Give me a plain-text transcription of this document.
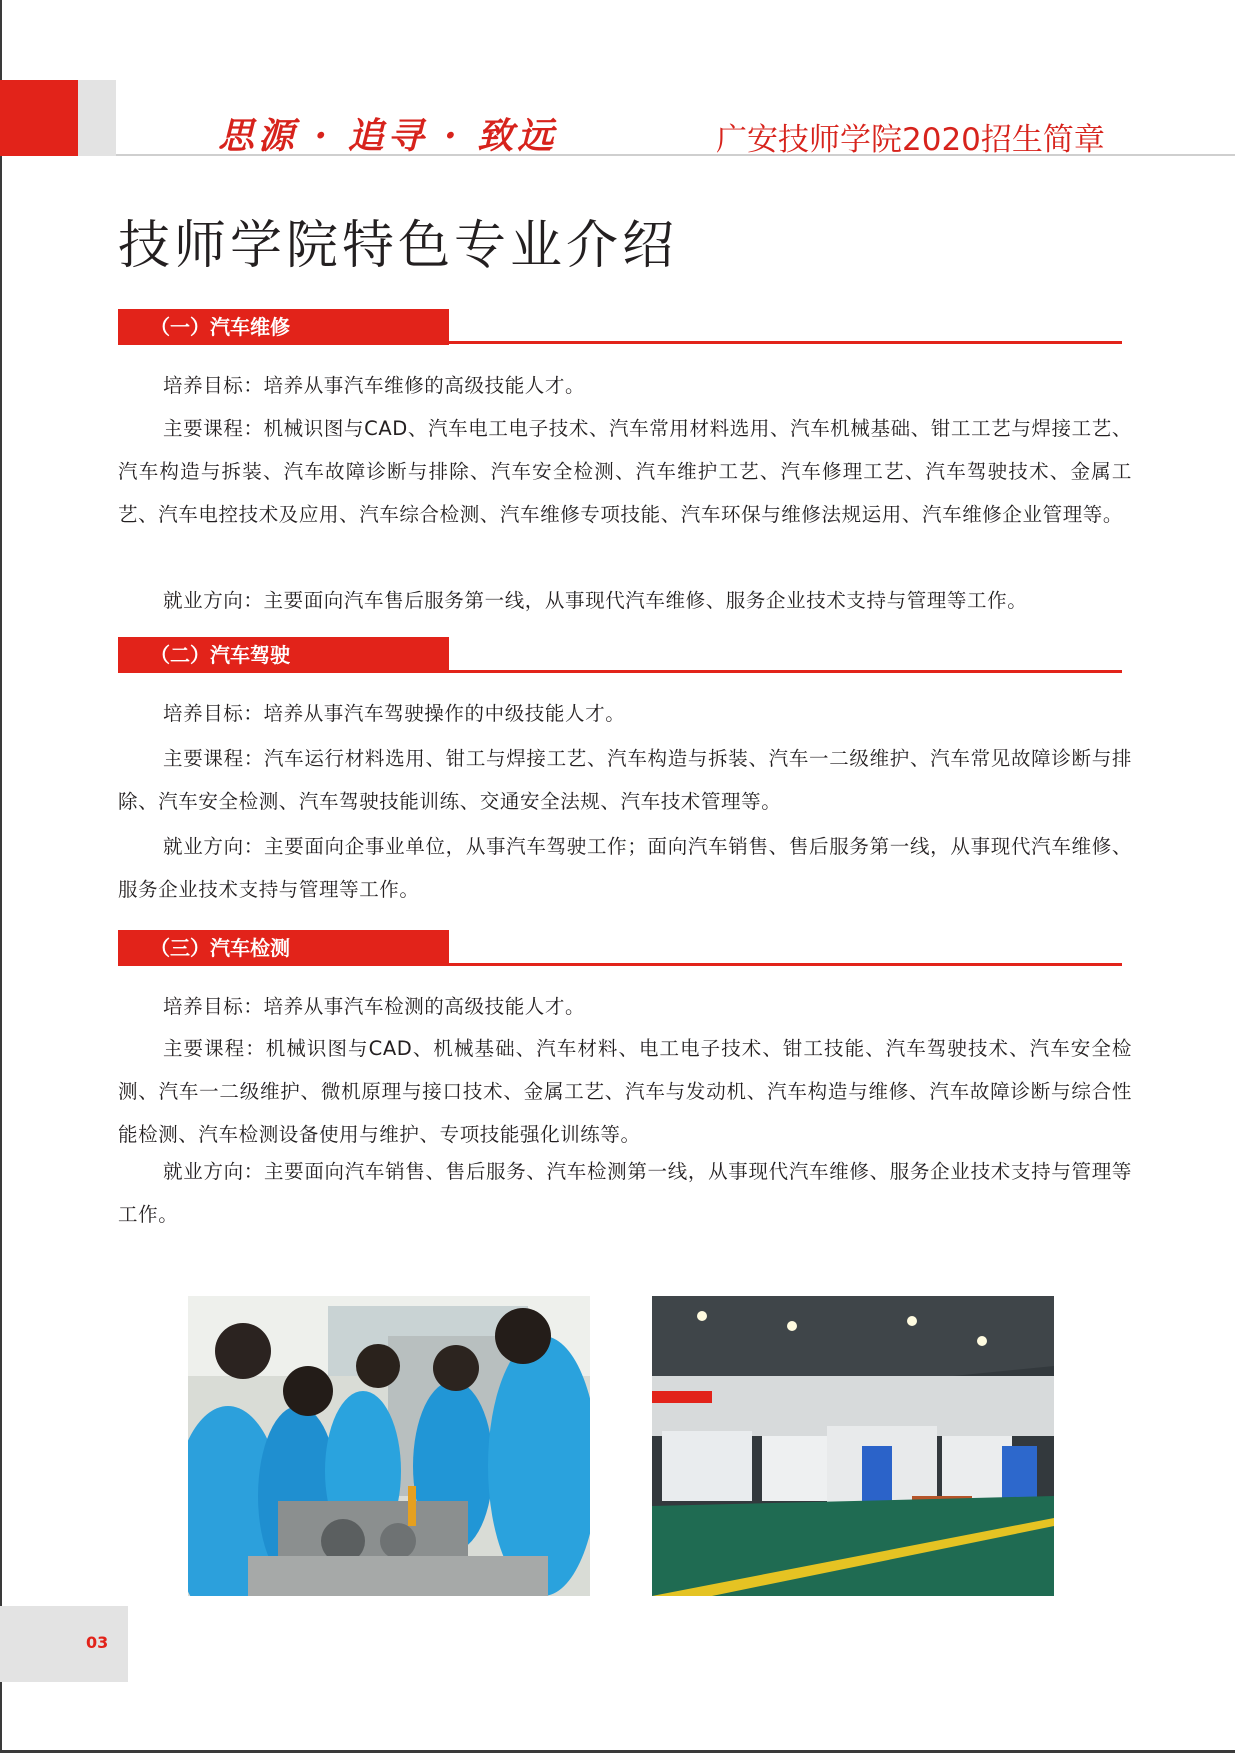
思源 · 追寻 · 致远	广安技师学院2020招生简章
技师学院特色专业介绍
（一）汽车维修

培养目标：培养从事汽车维修的高级技能人才。

主要课程：机械识图与CAD、汽车电工电子技术、汽车常用材料选用、汽车机械基础、钳工工艺与焊接工艺、汽车构造与拆装、汽车故障诊断与排除、汽车安全检测、汽车维护工艺、汽车修理工艺、汽车驾驶技术、金属工艺、汽车电控技术及应用、汽车综合检测、汽车维修专项技能、汽车环保与维修法规运用、汽车维修企业管理等。

就业方向：主要面向汽车售后服务第一线，从事现代汽车维修、服务企业技术支持与管理等工作。

（二）汽车驾驶

培养目标：培养从事汽车驾驶操作的中级技能人才。

主要课程：汽车运行材料选用、钳工与焊接工艺、汽车构造与拆装、汽车一二级维护、汽车常见故障诊断与排除、汽车安全检测、汽车驾驶技能训练、交通安全法规、汽车技术管理等。

就业方向：主要面向企事业单位，从事汽车驾驶工作；面向汽车销售、售后服务第一线，从事现代汽车维修、服务企业技术支持与管理等工作。

（三）汽车检测

培养目标：培养从事汽车检测的高级技能人才。

主要课程：机械识图与CAD、机械基础、汽车材料、电工电子技术、钳工技能、汽车驾驶技术、汽车安全检测、汽车一二级维护、微机原理与接口技术、金属工艺、汽车与发动机、汽车构造与维修、汽车故障诊断与综合性能检测、汽车检测设备使用与维护、专项技能强化训练等。

就业方向：主要面向汽车销售、售后服务、汽车检测第一线，从事现代汽车维修、服务企业技术支持与管理等工作。

03
